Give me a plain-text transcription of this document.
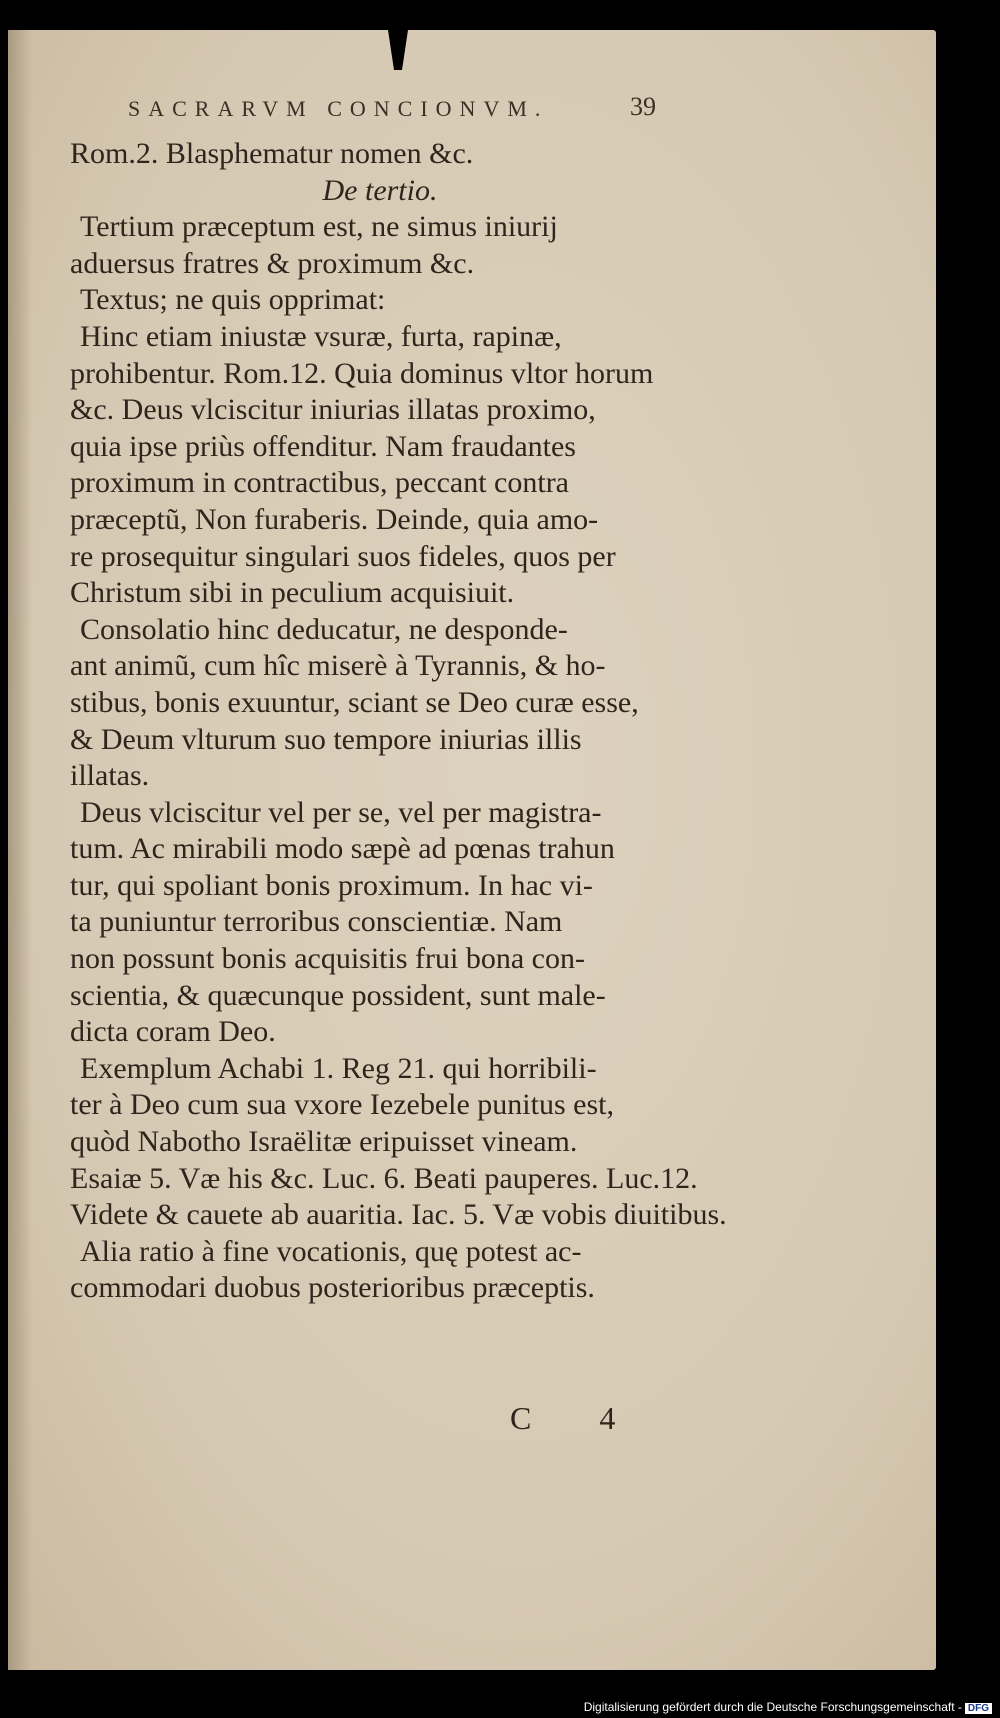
SACRARVM CONCIONVM.	39
Rom.2. Blasphematur nomen &c.
De tertio.
Tertium præceptum est, ne simus iniurij
aduersus fratres & proximum &c.
Textus; ne quis opprimat:
Hinc etiam iniustæ vsuræ, furta, rapinæ,
prohibentur. Rom.12. Quia dominus vltor horum
&c. Deus vlciscitur iniurias illatas proximo,
quia ipse priùs offenditur. Nam fraudantes
proximum in contractibus, peccant contra
præceptũ, Non furaberis. Deinde, quia amo-
re prosequitur singulari suos fideles, quos per
Christum sibi in peculium acquisiuit.
Consolatio hinc deducatur, ne desponde-
ant animũ, cum hîc miserè à Tyrannis, & ho-
stibus, bonis exuuntur, sciant se Deo curæ esse,
& Deum vlturum suo tempore iniurias illis
illatas.
Deus vlciscitur vel per se, vel per magistra-
tum. Ac mirabili modo sæpè ad pœnas trahun
tur, qui spoliant bonis proximum. In hac vi-
ta puniuntur terroribus conscientiæ. Nam
non possunt bonis acquisitis frui bona con-
scientia, & quæcunque possident, sunt male-
dicta coram Deo.
Exemplum Achabi 1. Reg 21. qui horribili-
ter à Deo cum sua vxore Iezebele punitus est,
quòd Nabotho Israëlitæ eripuisset vineam.
Esaiæ 5. Væ his &c. Luc. 6. Beati pauperes. Luc.12.
Videte & cauete ab auaritia. Iac. 5. Væ vobis diuitibus.
Alia ratio à fine vocationis, quę potest ac-
commodari duobus posterioribus præceptis.
C 4
Digitalisierung gefördert durch die Deutsche Forschungsgemeinschaft - DFG
